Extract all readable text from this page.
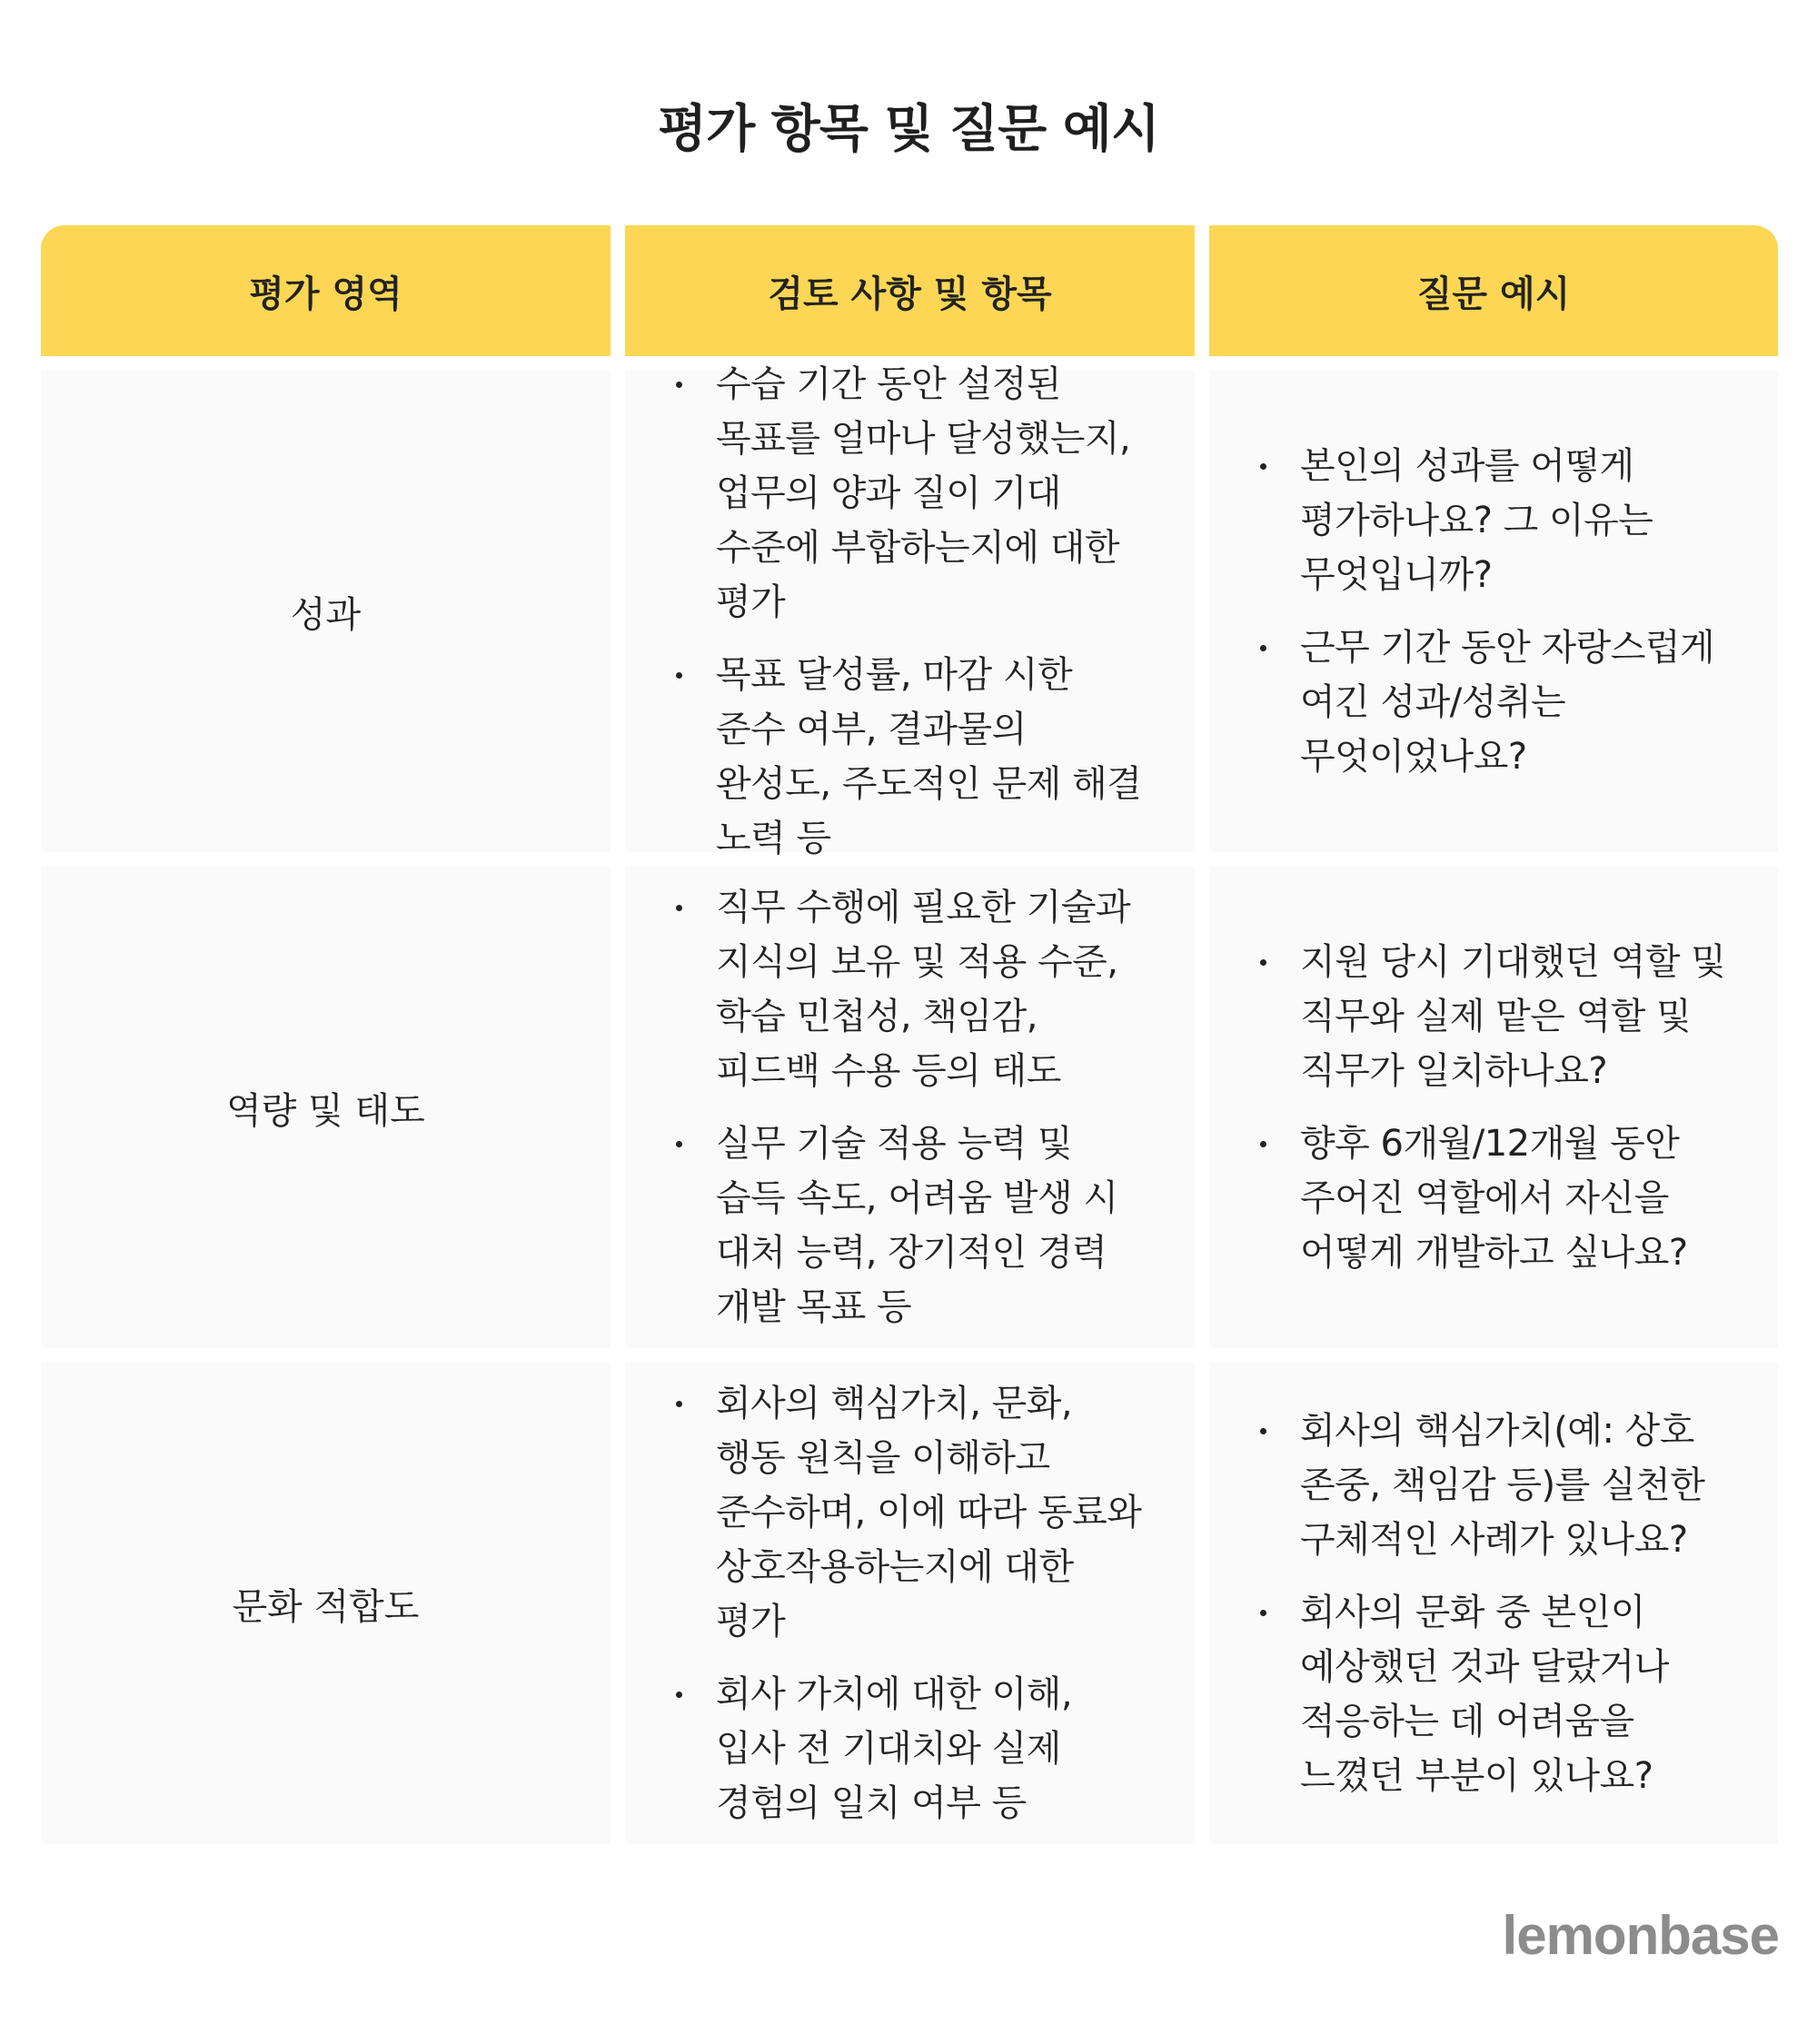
평가 항목 및 질문 예시
평가 영역	검토 사항 및 항목	질문 예시
성과
수습 기간 동안 설정된 목표를 얼마나 달성했는지, 업무의 양과 질이 기대 수준에 부합하는지에 대한 평가
목표 달성률, 마감 시한 준수 여부, 결과물의 완성도, 주도적인 문제 해결 노력 등
본인의 성과를 어떻게 평가하나요? 그 이유는 무엇입니까?
근무 기간 동안 자랑스럽게 여긴 성과/성취는 무엇이었나요?
역량 및 태도
직무 수행에 필요한 기술과 지식의 보유 및 적용 수준, 학습 민첩성, 책임감, 피드백 수용 등의 태도
실무 기술 적용 능력 및 습득 속도, 어려움 발생 시 대처 능력, 장기적인 경력 개발 목표 등
지원 당시 기대했던 역할 및 직무와 실제 맡은 역할 및 직무가 일치하나요?
향후 6개월/12개월 동안 주어진 역할에서 자신을 어떻게 개발하고 싶나요?
문화 적합도
회사의 핵심가치, 문화, 행동 원칙을 이해하고 준수하며, 이에 따라 동료와 상호작용하는지에 대한 평가
회사 가치에 대한 이해, 입사 전 기대치와 실제 경험의 일치 여부 등
회사의 핵심가치(예: 상호 존중, 책임감 등)를 실천한 구체적인 사례가 있나요?
회사의 문화 중 본인이 예상했던 것과 달랐거나 적응하는 데 어려움을 느꼈던 부분이 있나요?
lemonbase
